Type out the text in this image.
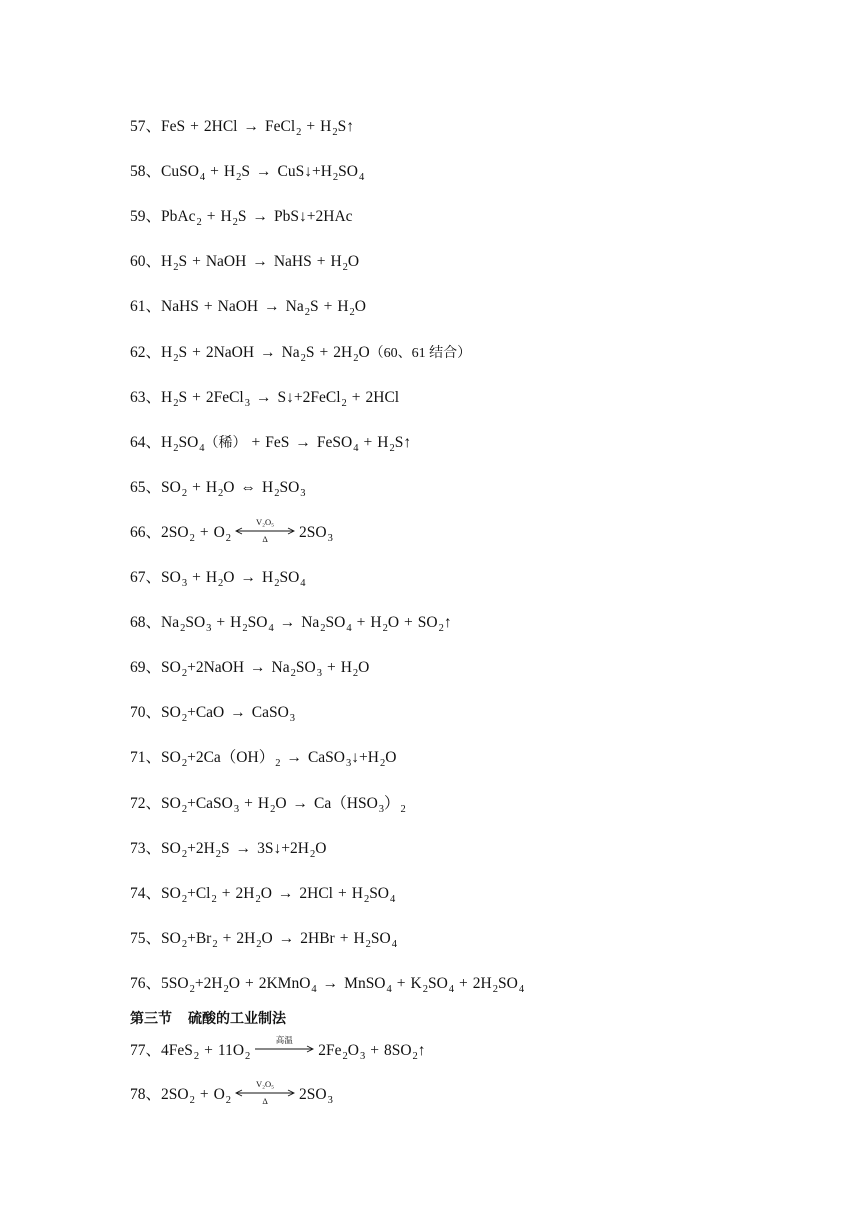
57、FeS + 2HCl → FeCl$_2$ + $H_2S↑$
58、CuSO$_4$ + $H_2S$ → $CuS↓+H_2SO_4$
59、PbAc$_2$ + $H_2S$ → PbS↓+2HAc
60、$H_2S$ + NaOH → NaHS + $H_2O$
61、NaHS + NaOH → $Na_2S + H_2O$
62、$H_2S$ + 2NaOH → $Na_2S + 2H_2O(60$、61 结合）
63、$H_2S$ + 2FeCl$_3$ → S↓+2FeCl$_2$ + 2HCl
64、$H_2SO_4$（稀） + FeS → FeSO$_4$ + $H_2S↑$
65、$SO_2 + H_2O$ ⇔ $H_2SO_3$
66、$2SO_2 + O_2$
V₂O₅
Δ $2SO_3$
67、$SO_3 + H_2O \to H_2SO_4$
68、$Na_2SO_3 + H_2SO_4 \to Na_2SO_4 + H_2O$ + $SO_2↑$
69、$SO_2+2NaOH \to Na_2SO_3 + H_2O$
70、$SO_2+CaO$ → CaSO$_3$
71、$SO_2+2Ca(OH)_2$ → $CaSO_3↓+H_2O$
72、$SO_2+CaSO_3 + H_2O \to Ca(HSO_3)_2$
73、$SO_2+2H_2S$ → $3S↓+2H_2O$
74、$SO_2+Cl_2 + 2H_2O \to 2HCl + H_2SO_4$
75、$SO_2+Br_2 + 2H_2O \to 2HBr + H_2SO_4$
76、$5SO_2+2H_2O$ + 2KMnO$_4$ → MnSO$_4$ + $K_2SO_4 + 2H_2SO_4$
第三节 硫酸的工业制法
77、$4FeS_2 + 11O_2$
高温
$2Fe_2O_3$ + $8SO_2↑$
78、$2SO_2 + O_2$
V₂O₅
Δ $2SO_3$
